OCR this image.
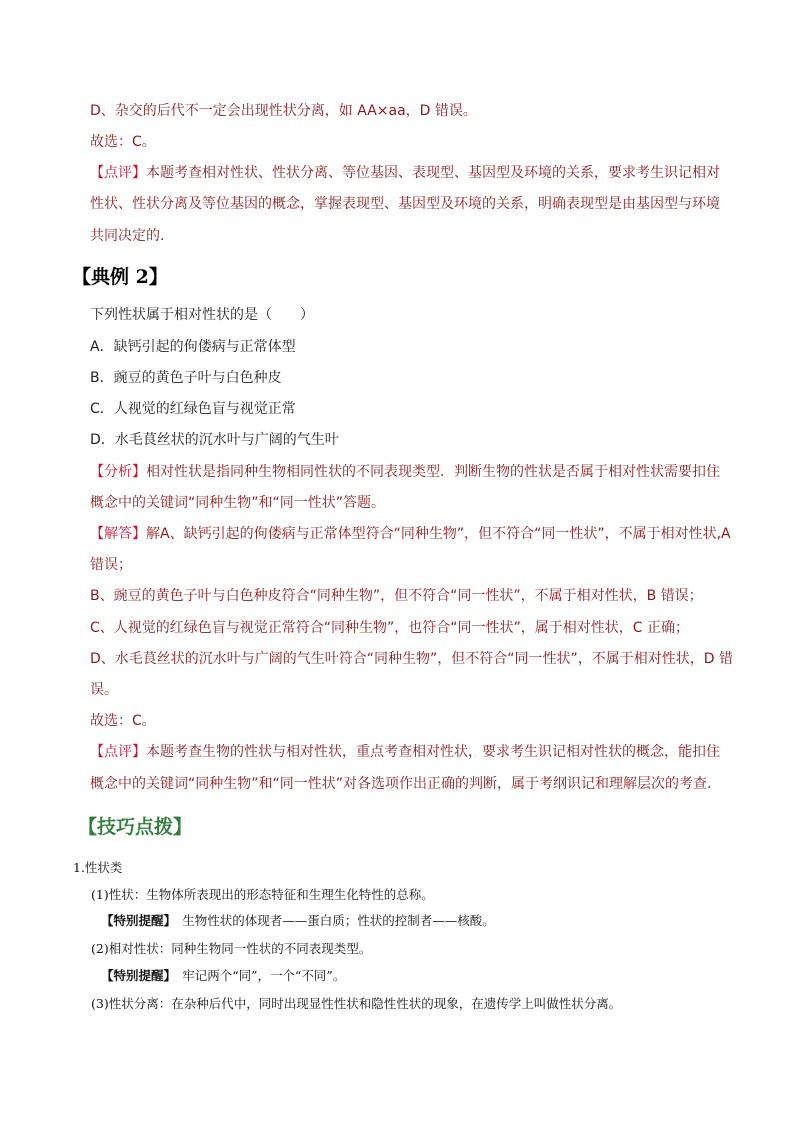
D、杂交的后代不一定会出现性状分离，如 AA×aa，D 错误。
故选：C。
【点评】本题考查相对性状、性状分离、等位基因、表现型、基因型及环境的关系，要求考生识记相对
性状、性状分离及等位基因的概念，掌握表现型、基因型及环境的关系，明确表现型是由基因型与环境
共同决定的.
【典例 2】
下列性状属于相对性状的是（　　）
A．缺钙引起的佝偻病与正常体型
B．豌豆的黄色子叶与白色种皮
C．人视觉的红绿色盲与视觉正常
D．水毛茛丝状的沉水叶与广阔的气生叶
【分析】相对性状是指同种生物相同性状的不同表现类型．判断生物的性状是否属于相对性状需要扣住
概念中的关键词“同种生物”和“同一性状”答题。
【解答】解A、缺钙引起的佝偻病与正常体型符合“同种生物”，但不符合“同一性状”，不属于相对性状,A
错误；
B、豌豆的黄色子叶与白色种皮符合“同种生物”，但不符合“同一性状”，不属于相对性状，B 错误；
C、人视觉的红绿色盲与视觉正常符合“同种生物”，也符合“同一性状”，属于相对性状，C 正确；
D、水毛茛丝状的沉水叶与广阔的气生叶符合“同种生物”，但不符合“同一性状”，不属于相对性状，D 错
误。
故选：C。
【点评】本题考查生物的性状与相对性状，重点考查相对性状，要求考生识记相对性状的概念，能扣住
概念中的关键词“同种生物”和“同一性状”对各选项作出正确的判断，属于考纲识记和理解层次的考查.
【技巧点拨】
1.性状类
(1)性状：生物体所表现出的形态特征和生理生化特性的总称。
【特别提醒】　生物性状的体现者——蛋白质；性状的控制者——核酸。
(2)相对性状：同种生物同一性状的不同表现类型。
【特别提醒】　牢记两个“同”，一个“不同”。
(3)性状分离：在杂种后代中，同时出现显性性状和隐性性状的现象，在遗传学上叫做性状分离。
